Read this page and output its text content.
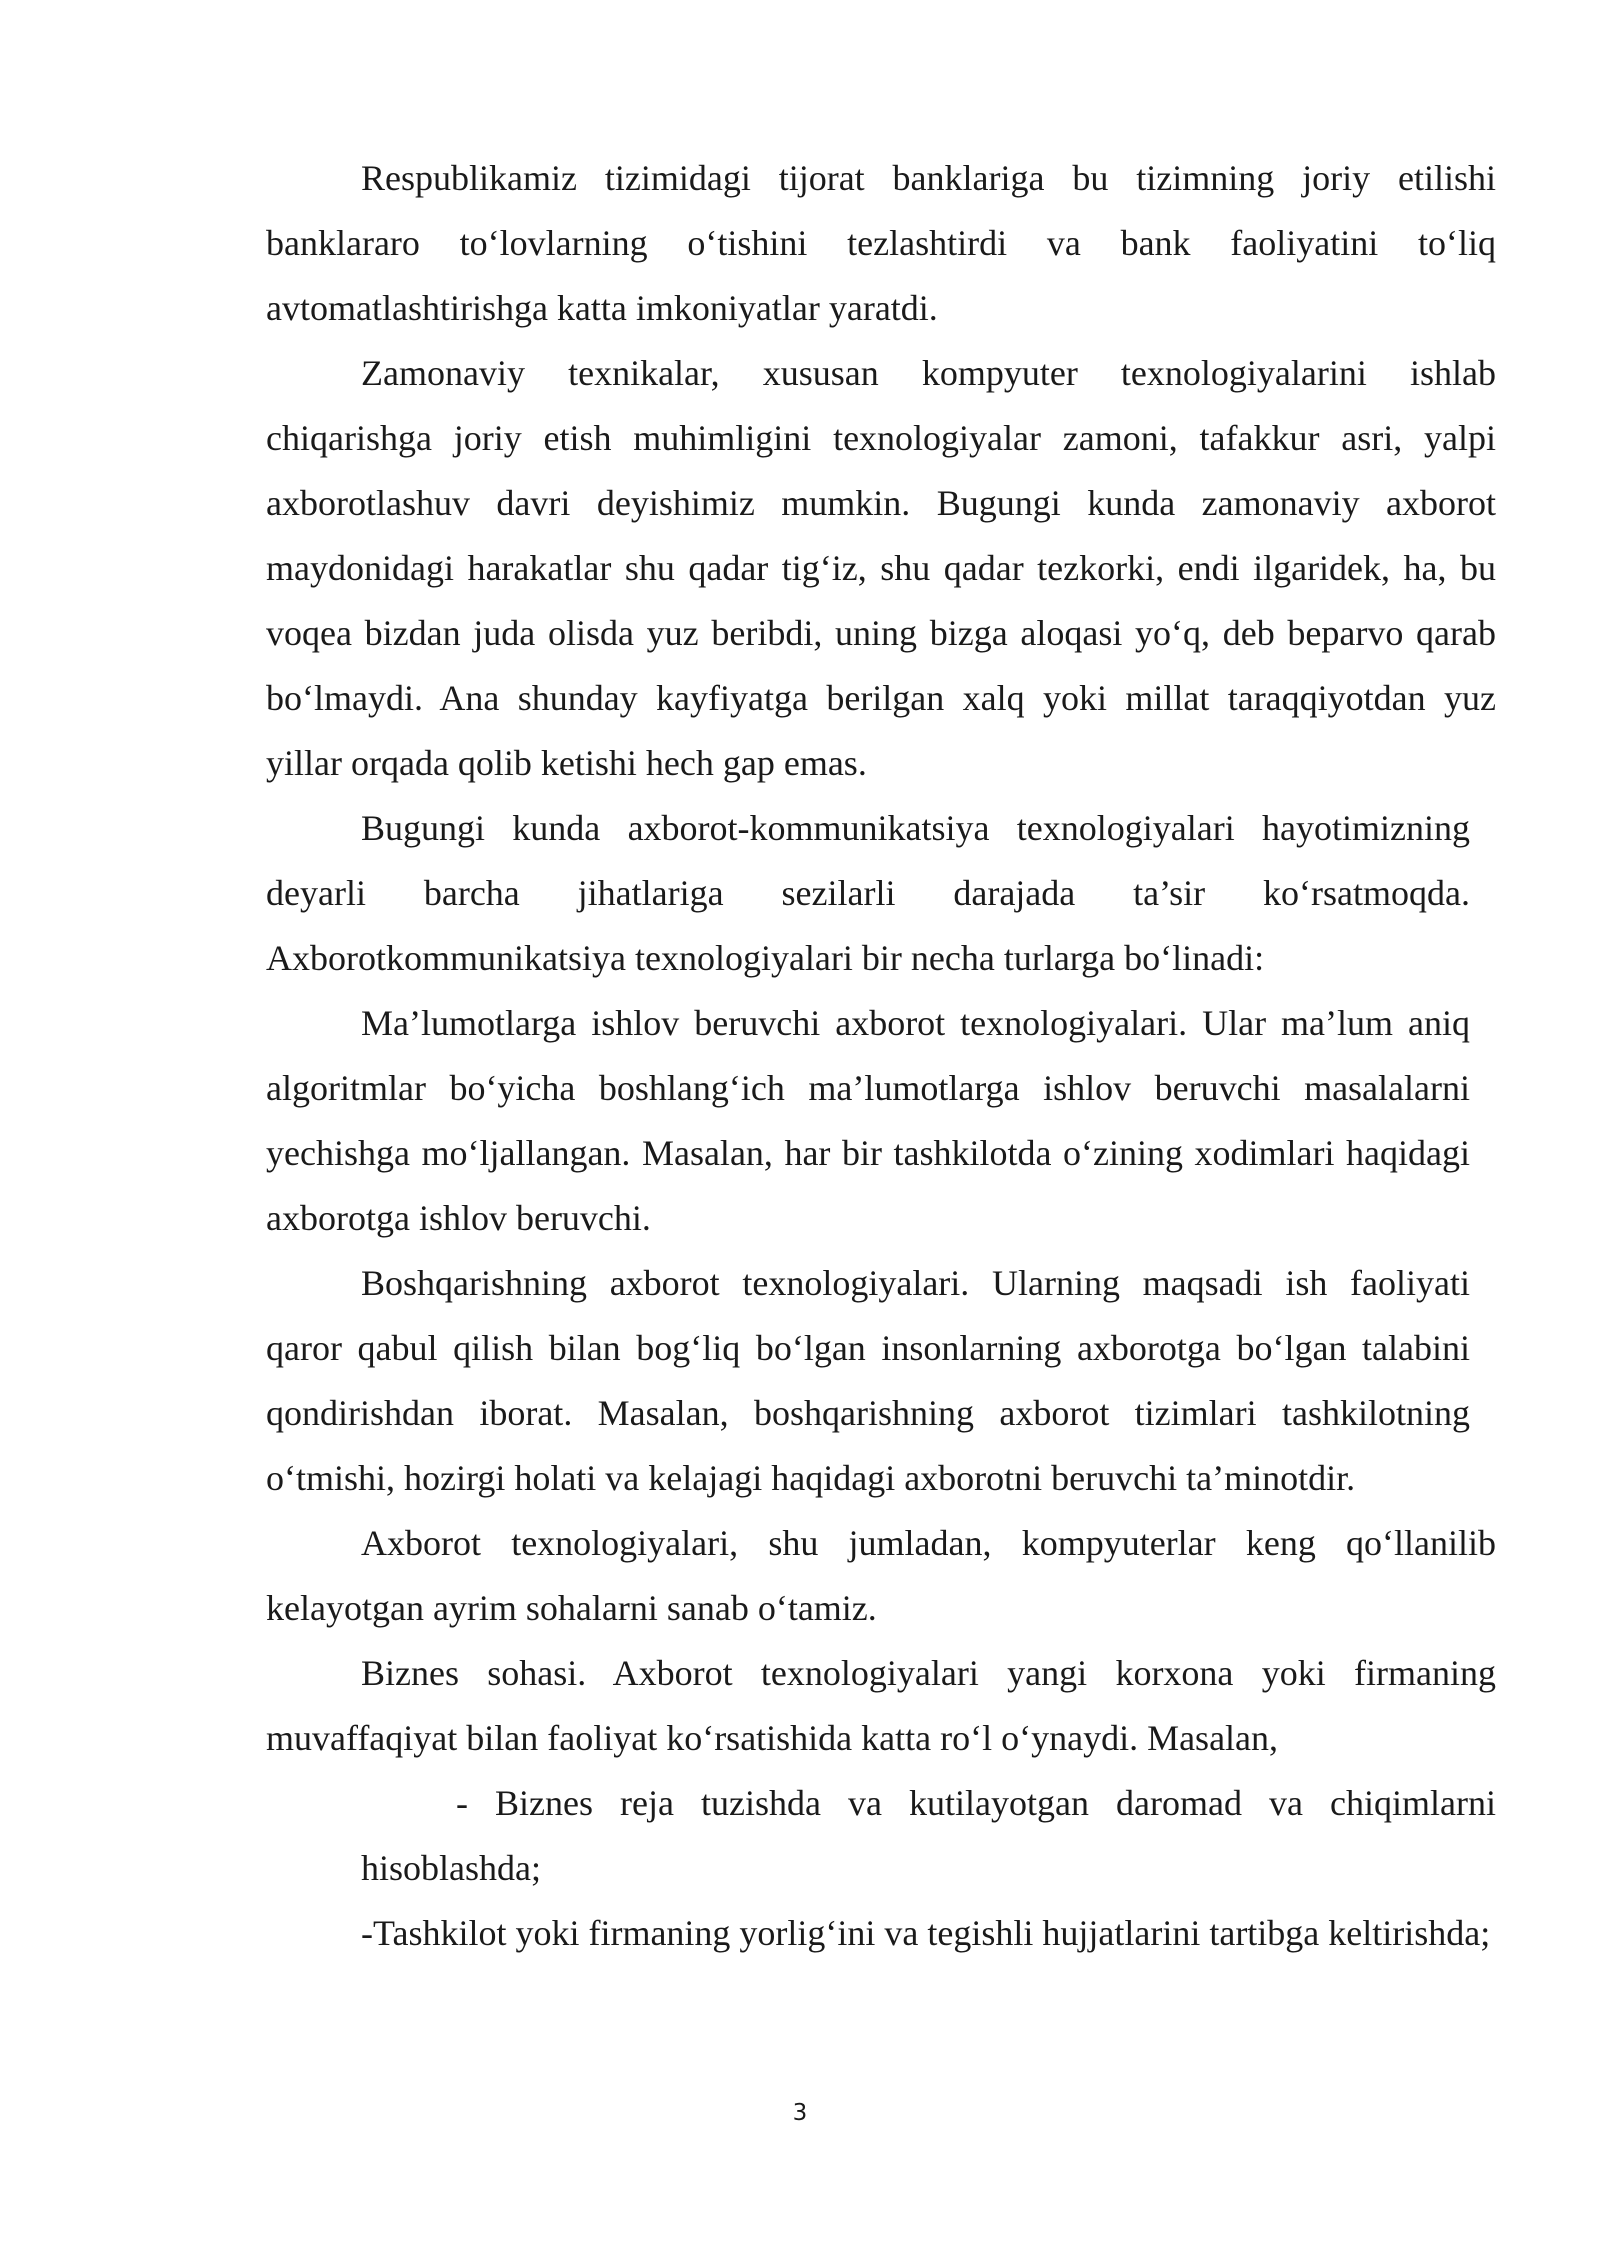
Respublikamiz tizimidagi tijorat banklariga bu tizimning joriy etilishi banklararo to‘lovlarning o‘tishini tezlashtirdi va bank faoliyatini to‘liq avtomatlashtirishga katta imkoniyatlar yaratdi.

Zamonaviy texnikalar, xususan kompyuter texnologiyalarini ishlab chiqarishga joriy etish muhimligini texnologiyalar zamoni, tafakkur asri, yalpi axborotlashuv davri deyishimiz mumkin. Bugungi kunda zamonaviy axborot maydonidagi harakatlar shu qadar tig‘iz, shu qadar tezkorki, endi ilgaridek, ha, bu voqea bizdan juda olisda yuz beribdi, uning bizga aloqasi yo‘q, deb beparvo qarab bo‘lmaydi. Ana shunday kayfiyatga berilgan xalq yoki millat taraqqiyotdan yuz yillar orqada qolib ketishi hech gap emas.

Bugungi kunda axborot-kommunikatsiya texnologiyalari hayotimizning deyarli barcha jihatlariga sezilarli darajada ta’sir ko‘rsatmoqda. Axborotkommunikatsiya texnologiyalari bir necha turlarga bo‘linadi:

Ma’lumotlarga ishlov beruvchi axborot texnologiyalari. Ular ma’lum aniq algoritmlar bo‘yicha boshlang‘ich ma’lumotlarga ishlov beruvchi masalalarni yechishga mo‘ljallangan. Masalan, har bir tashkilotda o‘zining xodimlari haqidagi axborotga ishlov beruvchi.

Boshqarishning axborot texnologiyalari. Ularning maqsadi ish faoliyati qaror qabul qilish bilan bog‘liq bo‘lgan insonlarning axborotga bo‘lgan talabini qondirishdan iborat. Masalan, boshqarishning axborot tizimlari tashkilotning o‘tmishi, hozirgi holati va kelajagi haqidagi axborotni beruvchi ta’minotdir.

Axborot texnologiyalari, shu jumladan, kompyuterlar keng qo‘llanilib kelayotgan ayrim sohalarni sanab o‘tamiz.

Biznes sohasi. Axborot texnologiyalari yangi korxona yoki firmaning muvaffaqiyat bilan faoliyat ko‘rsatishida katta ro‘l o‘ynaydi. Masalan,

- Biznes reja tuzishda va kutilayotgan daromad va chiqimlarni hisoblashda;

-Tashkilot yoki firmaning yorlig‘ini va tegishli hujjatlarini tartibga keltirishda;

3
